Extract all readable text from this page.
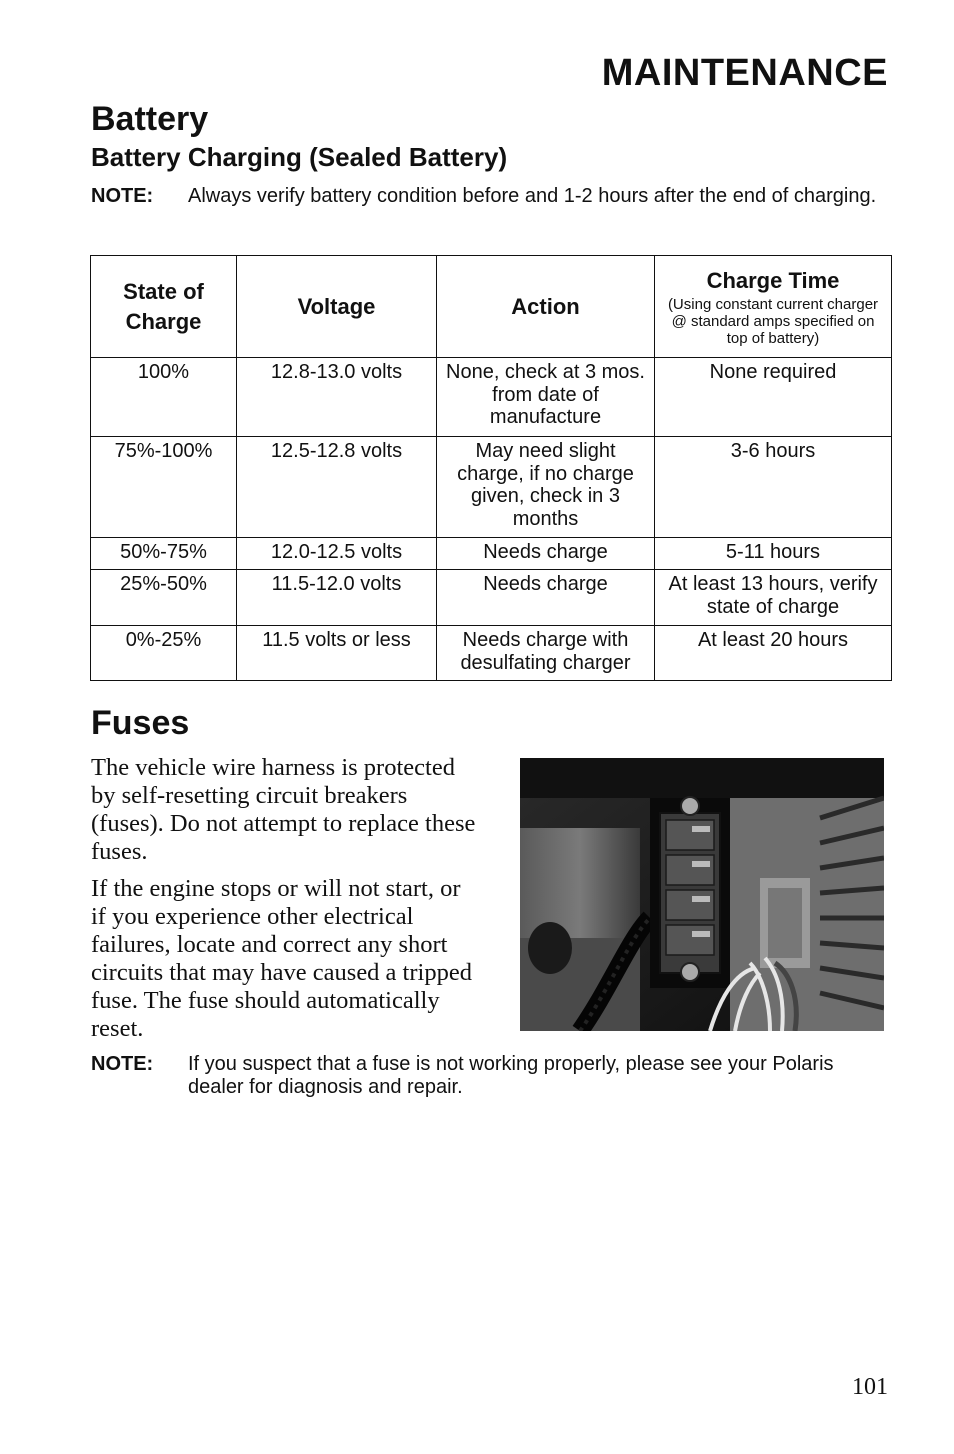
MAINTENANCE
Battery
Battery Charging (Sealed Battery)
NOTE: Always verify battery condition before and 1-2 hours after the end of charging.
State of Charge	Voltage	Action	Charge Time
(Using constant current charger @ standard amps specified on top of battery)

100%	12.8-13.0 volts	None, check at 3 mos. from date of manufacture	None required
75%-100%	12.5-12.8 volts	May need slight charge, if no charge given, check in 3 months	3-6 hours
50%-75%	12.0-12.5 volts	Needs charge	5-11 hours
25%-50%	11.5-12.0 volts	Needs charge	At least 13 hours, verify state of charge
0%-25%	11.5 volts or less	Needs charge with desulfating charger	At least 20 hours
Fuses

The vehicle wire harness is protected by self-resetting circuit breakers (fuses). Do not attempt to replace these fuses.

If the engine stops or will not start, or if you experience other electrical failures, locate and correct any short circuits that may have caused a tripped fuse. The fuse should automatically reset.

NOTE: If you suspect that a fuse is not working properly, please see your Polaris dealer for diagnosis and repair.
101
